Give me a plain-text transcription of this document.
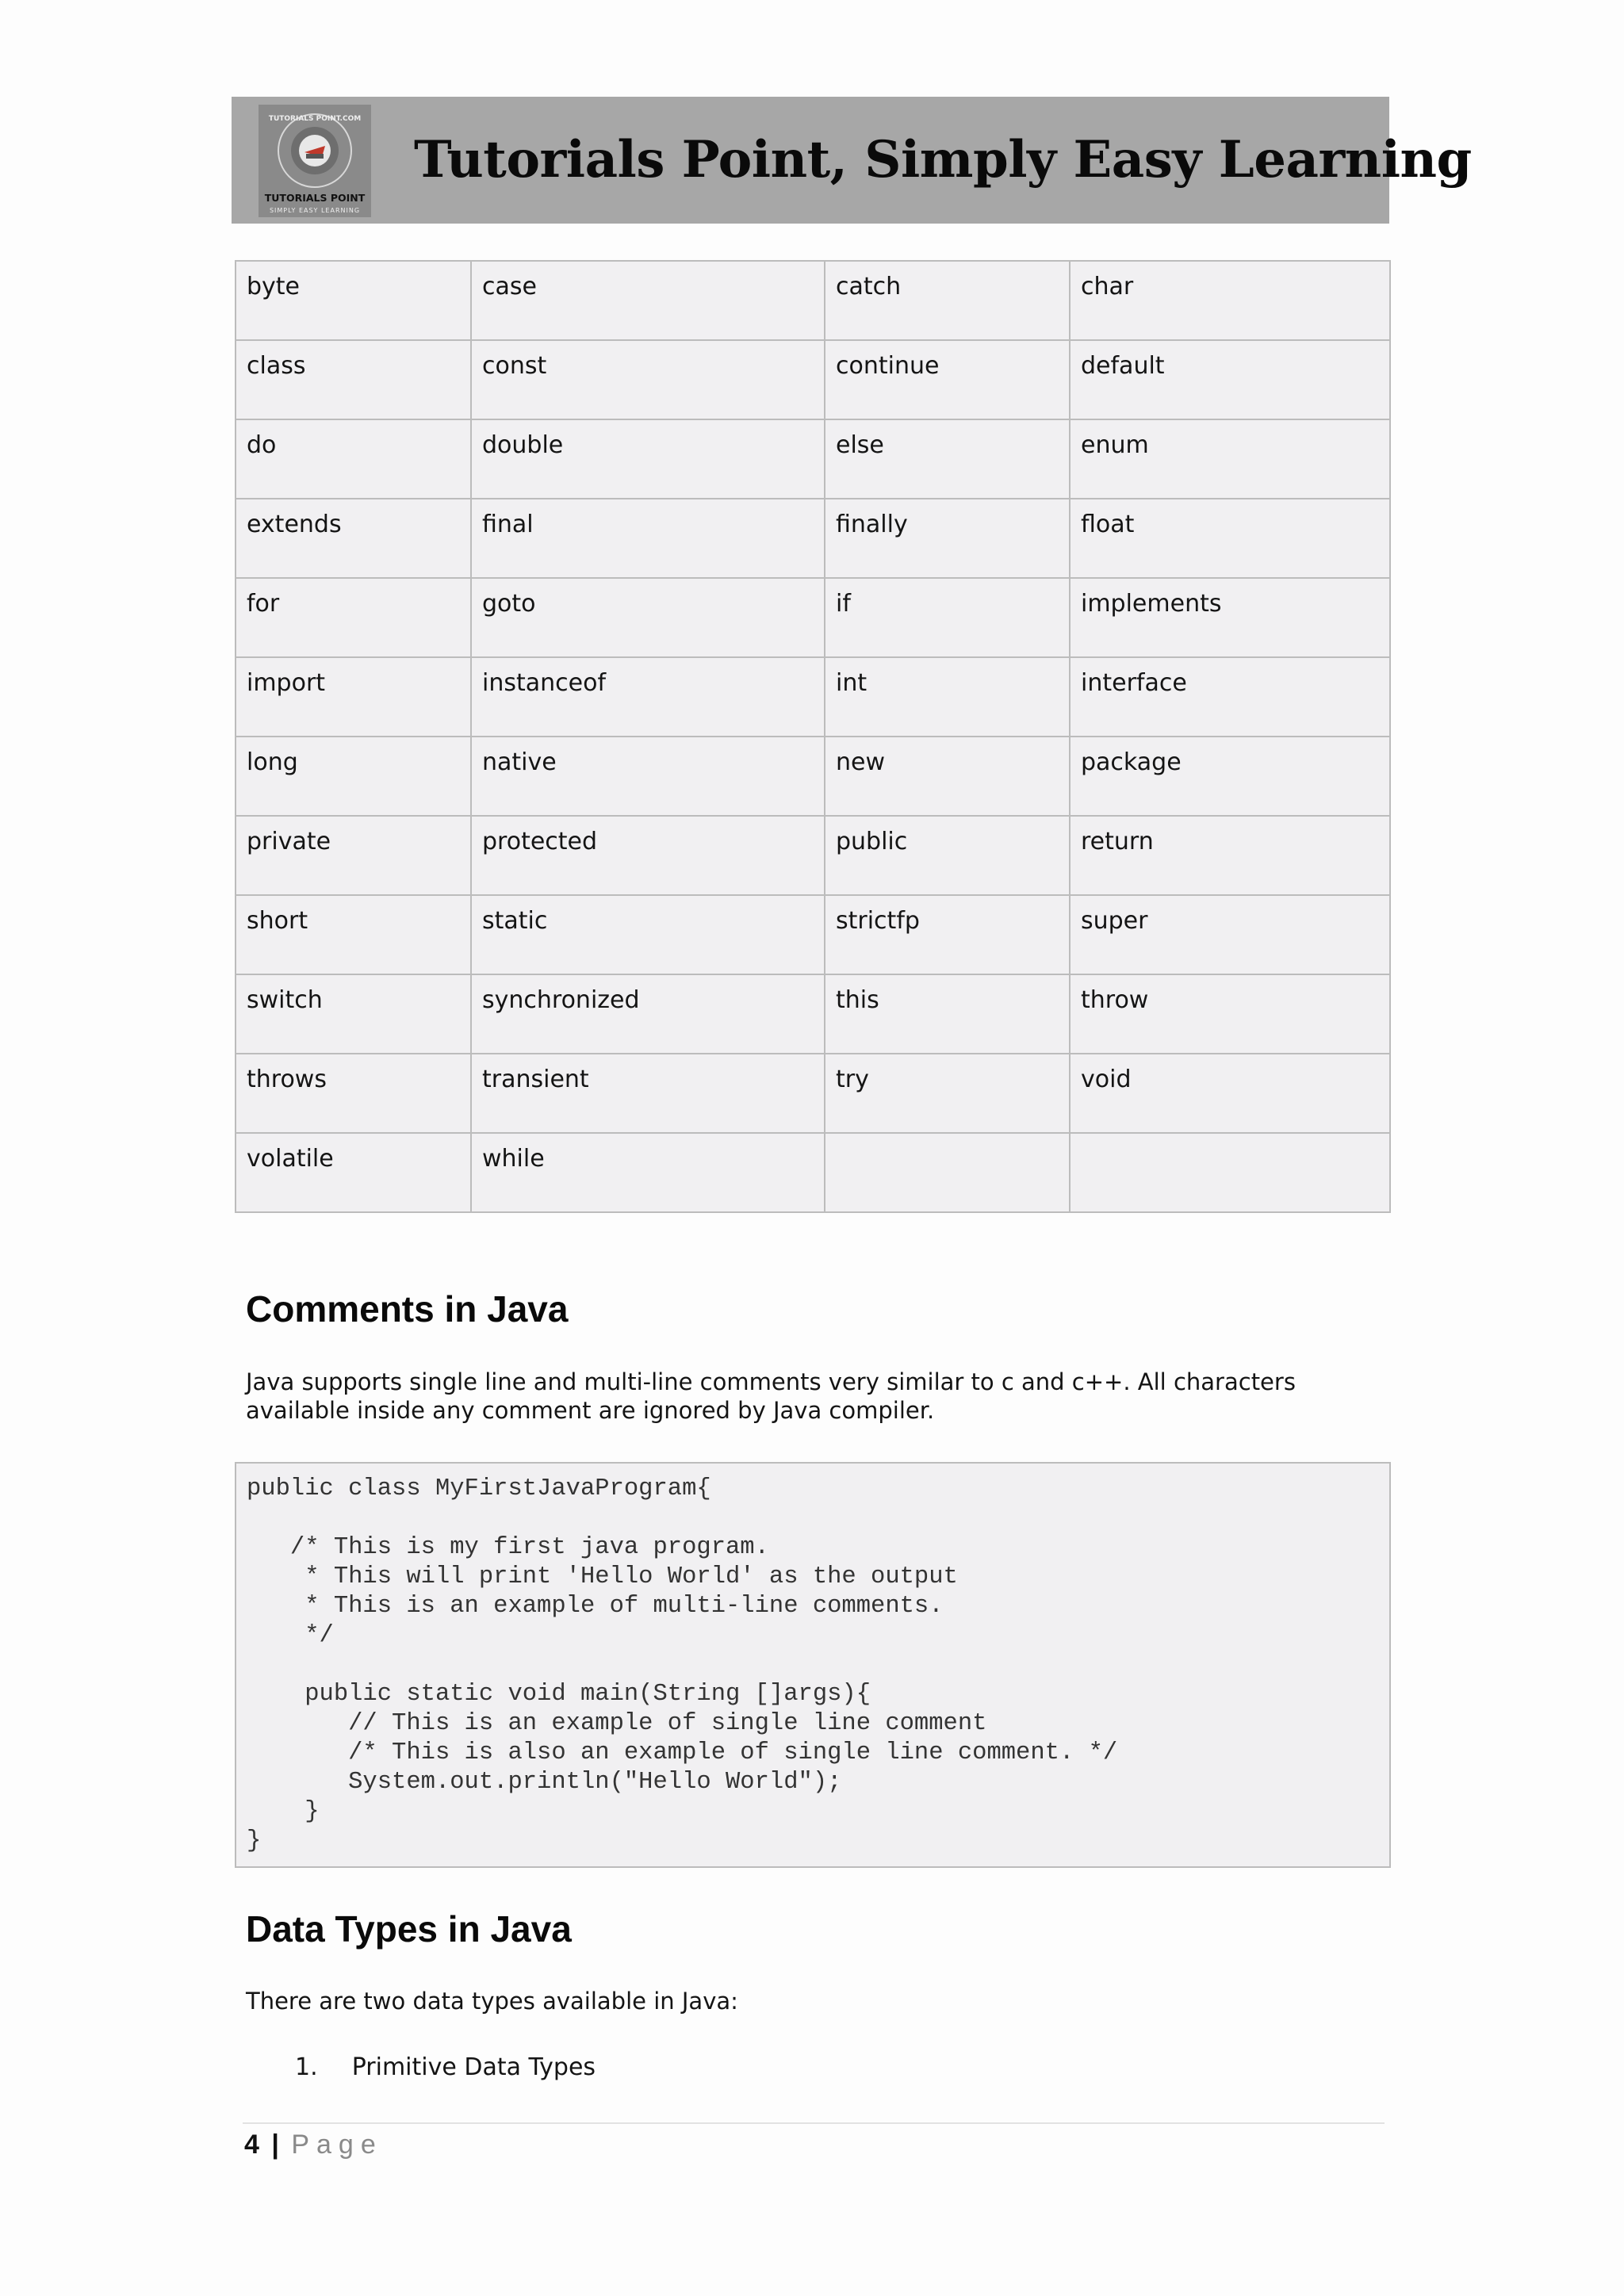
TUTORIALS POINT.COM
TUTORIALS POINT
SIMPLY EASY LEARNING
Tutorials Point, Simply Easy Learning
byte	case	catch	char
class	const	continue	default
do	double	else	enum
extends	final	finally	float
for	goto	if	implements
import	instanceof	int	interface
long	native	new	package
private	protected	public	return
short	static	strictfp	super
switch	synchronized	this	throw
throws	transient	try	void
volatile	while		
Comments in Java

Java supports single line and multi-line comments very similar to c and c++. All characters

available inside any comment are ignored by Java compiler.

public class MyFirstJavaProgram{

/* This is my first java program.
* This will print 'Hello World' as the output
* This is an example of multi-line comments.
*/

public static void main(String []args){
// This is an example of single line comment
/* This is also an example of single line comment. */
System.out.println("Hello World");
}
}
Data Types in Java

There are two data types available in Java:

1. Primitive Data Types
4 | Page
